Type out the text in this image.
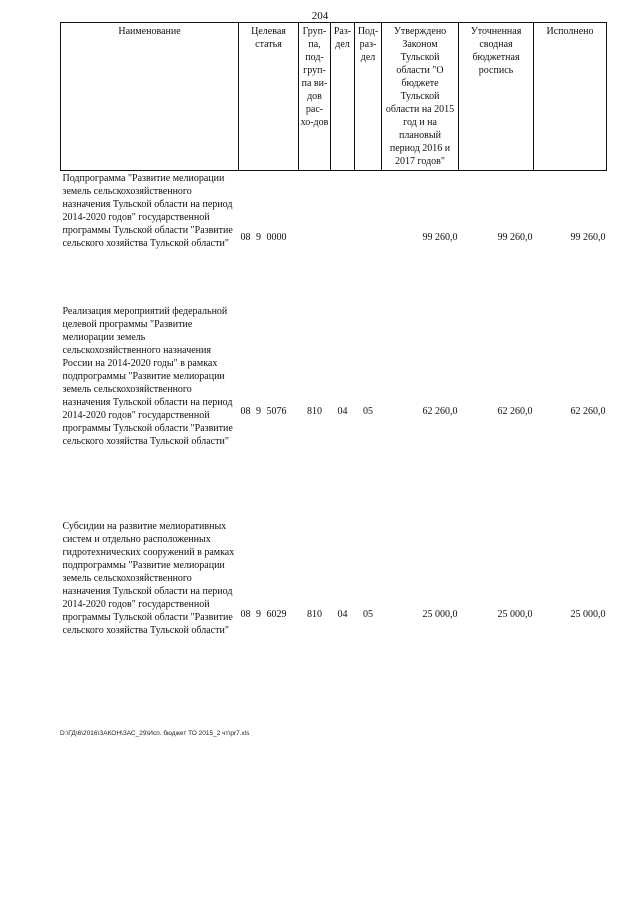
204
Наименование	Целевая статья	Груп-па, под-груп-па ви-дов рас-хо-дов	Раз-дел	Под-раз-дел	Утверждено Законом Тульской области "О бюджете Тульской области на 2015 год и на плановый период 2016 и 2017 годов"	Уточненная сводная бюджетная роспись	Исполнено
Подпрограмма "Развитие мелиорации земель сельскохозяйственного назначения Тульской области на период 2014-2020 годов" государственной программы Тульской области "Развитие сельского хозяйства Тульской области"	08 9 0000				99 260,0	99 260,0	99 260,0
Реализация мероприятий федеральной целевой программы "Развитие мелиорации земель сельскохозяйственного назначения России на 2014-2020 годы" в рамках подпрограммы "Развитие мелиорации земель сельскохозяйственного назначения Тульской области на период 2014-2020 годов" государственной программы Тульской области "Развитие сельского хозяйства Тульской области"	08 9 5076	810	04	05	62 260,0	62 260,0	62 260,0
Субсидии на развитие мелиоративных систем и отдельно расположенных гидротехнических сооружений в рамках подпрограммы "Развитие мелиорации земель сельскохозяйственного назначения Тульской области на период 2014-2020 годов" государственной программы Тульской области "Развитие сельского хозяйства Тульской области"	08 9 6029	810	04	05	25 000,0	25 000,0	25 000,0
D:\ГД\6\2016\ЗАКОН\ЗАС_29\Исп. бюджет ТО 2015_2 чт\pr7.xls
